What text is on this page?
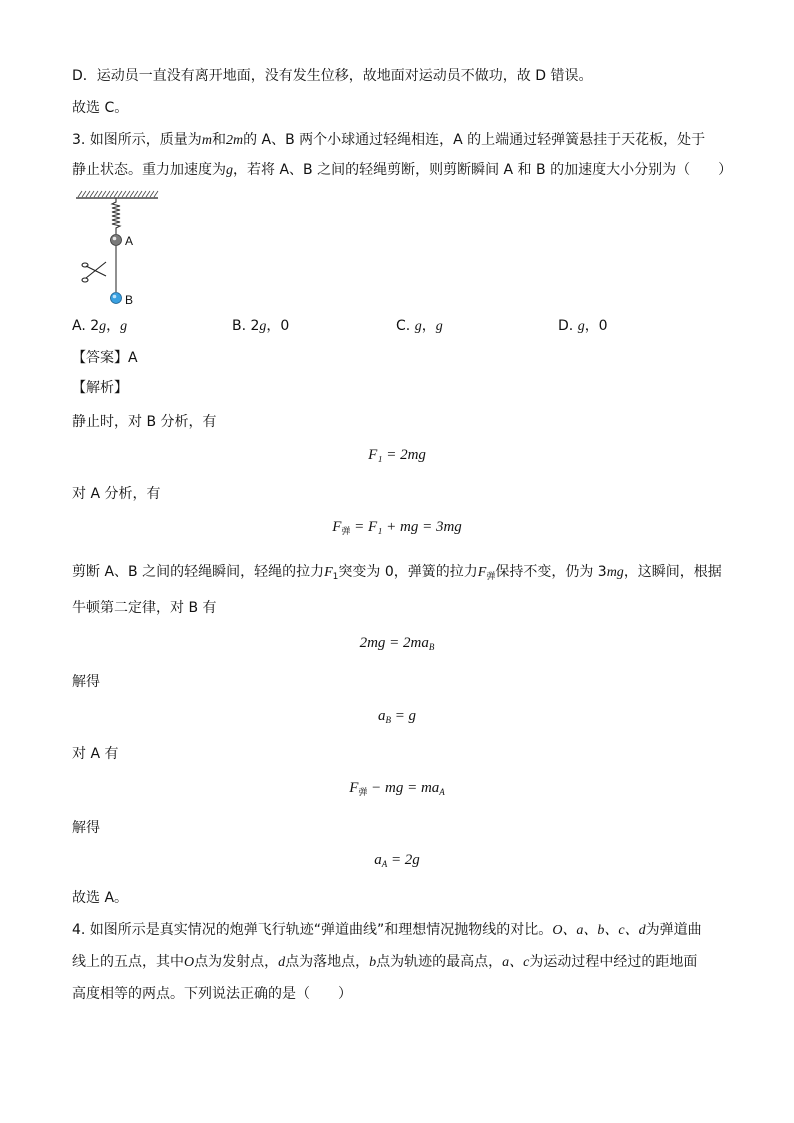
D．运动员一直没有离开地面，没有发生位移，故地面对运动员不做功，故 D 错误。
故选 C。
3. 如图所示，质量为m和2m的 A、B 两个小球通过轻绳相连，A 的上端通过轻弹簧悬挂于天花板，处于
静止状态。重力加速度为g，若将 A、B 之间的轻绳剪断，则剪断瞬间 A 和 B 的加速度大小分别为（　　）
A
B
A. 2g，g	B. 2g，0	C. g，g	D. g，0
【答案】A
【解析】
静止时，对 B 分析，有
F₁ = 2mg
对 A 分析，有
$F_弹 = F_1$ + mg = 3mg
剪断 A、B 之间的轻绳瞬间，轻绳的拉力$F_1$突变为 0，弹簧的拉力$F_弹$保持不变，仍为 3mg，这瞬间，根据
牛顿第二定律，对 B 有
$2mg = 2ma_B$
解得
$a_B = g$
对 A 有
$F_弹$ − mg = $ma_A$
解得
$a_A = 2g$
故选 A。
4. 如图所示是真实情况的炮弹飞行轨迹“弹道曲线”和理想情况抛物线的对比。O、a、b、c、d为弹道曲
线上的五点，其中O点为发射点，d点为落地点，b点为轨迹的最高点，a、c为运动过程中经过的距地面
高度相等的两点。下列说法正确的是（　　）
